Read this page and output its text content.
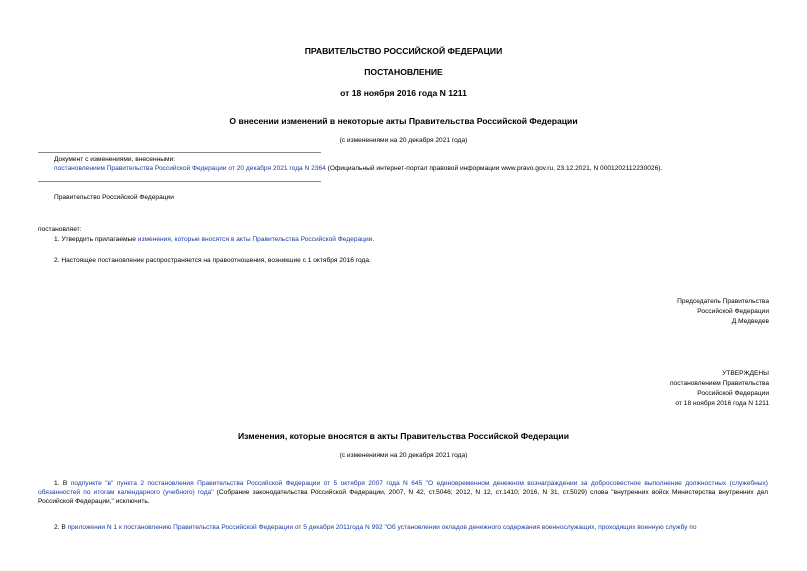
ПРАВИТЕЛЬСТВО РОССИЙСКОЙ ФЕДЕРАЦИИ
ПОСТАНОВЛЕНИЕ
от 18 ноября 2016 года N 1211
О внесении изменений в некоторые акты Правительства Российской Федерации
(с изменениями на 20 декабря 2021 года)
Документ с изменениями, внесенными:
постановлением Правительства Российской Федерации от 20 декабря 2021 года N 2364 (Официальный интернет-портал правовой информации www.pravo.gov.ru, 23.12.2021, N 0001202112230026).
Правительство Российской Федерации
постановляет:
1. Утвердить прилагаемые изменения, которые вносятся в акты Правительства Российской Федерации.
2. Настоящее постановление распространяется на правоотношения, возникшие с 1 октября 2016 года.
Председатель Правительства
Российской Федерации
Д.Медведев
УТВЕРЖДЕНЫ
постановлением Правительства
Российской Федерации
от 18 ноября 2016 года N 1211
Изменения, которые вносятся в акты Правительства Российской Федерации
(с изменениями на 20 декабря 2021 года)
1. В подпункте "в" пункта 2 постановления Правительства Российской Федерации от 5 октября 2007 года N 645 "О единовременном денежном вознаграждении за добросовестное выполнение должностных (служебных) обязанностей по итогам календарного (учебного) года" (Собрание законодательства Российской Федерации, 2007, N 42, ст.5046; 2012, N 12, ст.1410; 2016, N 31, ст.5029) слова "внутренних войск Министерства внутренних дел Российской Федерации," исключить.
2. В приложении N 1 к постановлению Правительства Российской Федерации от 5 декабря 2011года N 992 "Об установлении окладов денежного содержания военнослужащих, проходящих военную службу по
